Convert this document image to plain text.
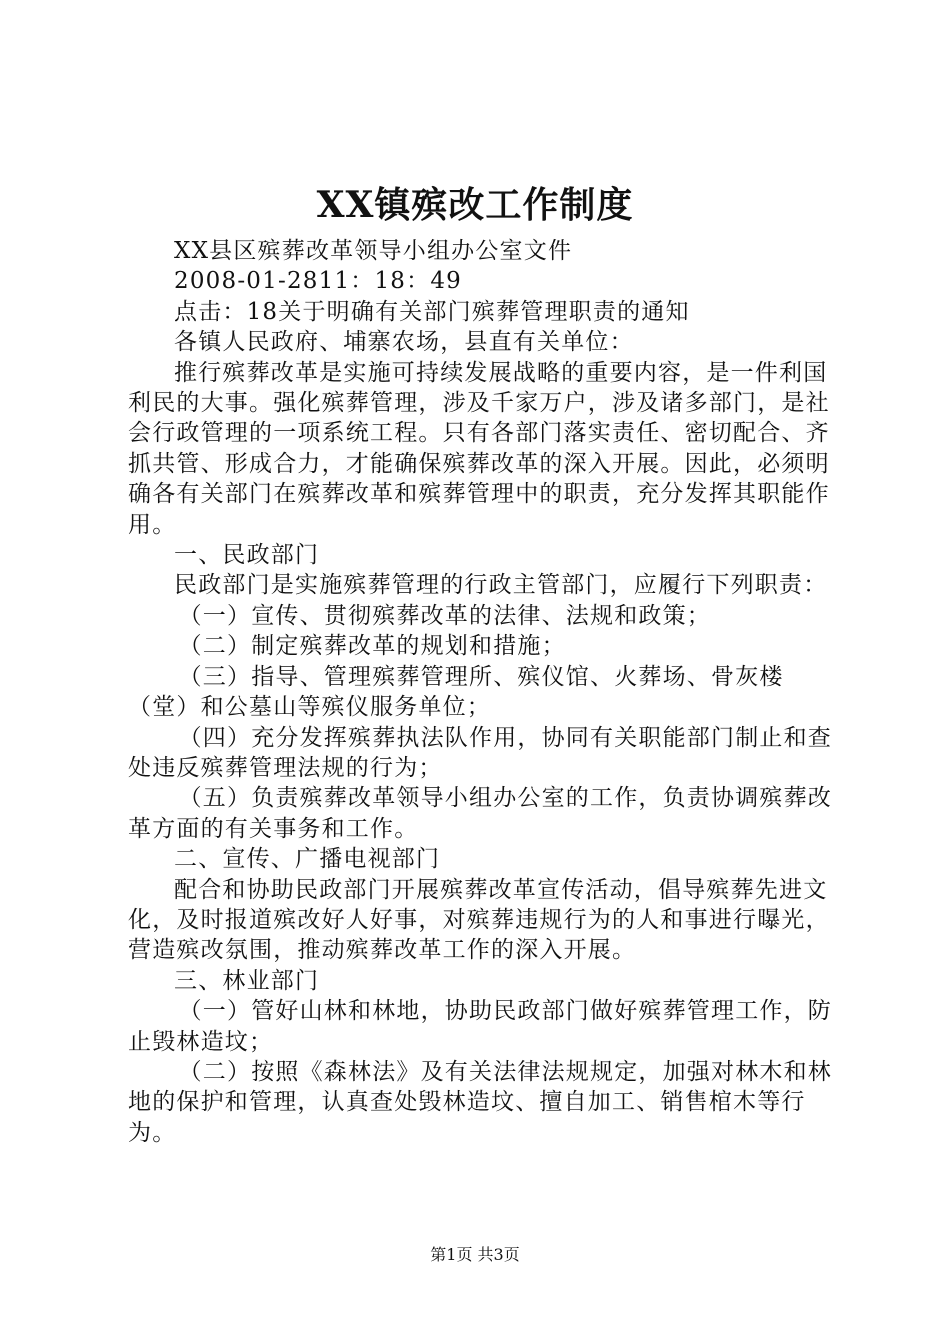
XX镇殡改工作制度

XX县区殡葬改革领导小组办公室文件

2008-01-2811：18：49

点击：18关于明确有关部门殡葬管理职责的通知

各镇人民政府、埔寨农场，县直有关单位：

推行殡葬改革是实施可持续发展战略的重要内容，是一件利国利民的大事。强化殡葬管理，涉及千家万户，涉及诸多部门，是社会行政管理的一项系统工程。只有各部门落实责任、密切配合、齐抓共管、形成合力，才能确保殡葬改革的深入开展。因此，必须明确各有关部门在殡葬改革和殡葬管理中的职责，充分发挥其职能作用。

一、民政部门

民政部门是实施殡葬管理的行政主管部门，应履行下列职责：

（一）宣传、贯彻殡葬改革的法律、法规和政策；

（二）制定殡葬改革的规划和措施；

（三）指导、管理殡葬管理所、殡仪馆、火葬场、骨灰楼（堂）和公墓山等殡仪服务单位；

（四）充分发挥殡葬执法队作用，协同有关职能部门制止和查处违反殡葬管理法规的行为；

（五）负责殡葬改革领导小组办公室的工作，负责协调殡葬改革方面的有关事务和工作。

二、宣传、广播电视部门

配合和协助民政部门开展殡葬改革宣传活动，倡导殡葬先进文化，及时报道殡改好人好事，对殡葬违规行为的人和事进行曝光，营造殡改氛围，推动殡葬改革工作的深入开展。

三、林业部门

（一）管好山林和林地，协助民政部门做好殡葬管理工作，防止毁林造坟；

（二）按照《森林法》及有关法律法规规定，加强对林木和林地的保护和管理，认真查处毁林造坟、擅自加工、销售棺木等行为。

第1页 共3页
